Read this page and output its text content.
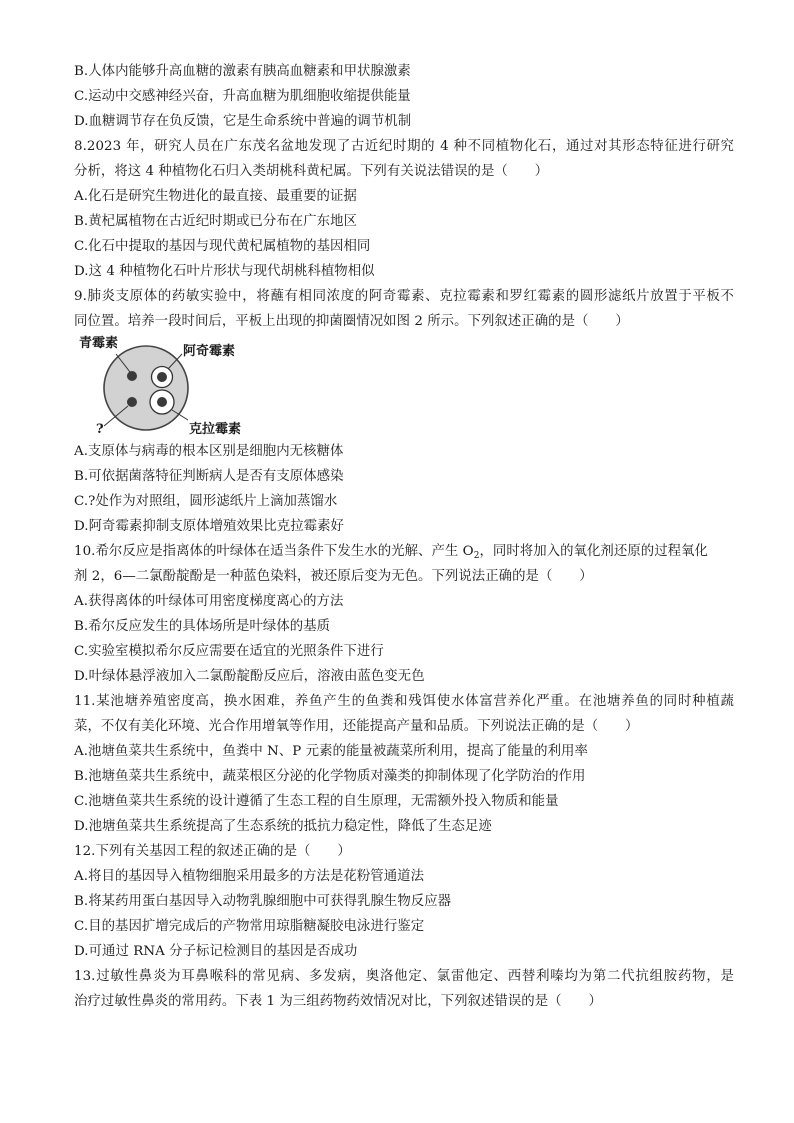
B.人体内能够升高血糖的激素有胰高血糖素和甲状腺激素
C.运动中交感神经兴奋，升高血糖为肌细胞收缩提供能量
D.血糖调节存在负反馈，它是生命系统中普遍的调节机制
8.2023 年，研究人员在广东茂名盆地发现了古近纪时期的 4 种不同植物化石，通过对其形态特征进行研究
分析，将这 4 种植物化石归入类胡桃科黄杞属。下列有关说法错误的是（　　）
A.化石是研究生物进化的最直接、最重要的证据
B.黄杞属植物在古近纪时期或已分布在广东地区
C.化石中提取的基因与现代黄杞属植物的基因相同
D.这 4 种植物化石叶片形状与现代胡桃科植物相似
9.肺炎支原体的药敏实验中，将蘸有相同浓度的阿奇霉素、克拉霉素和罗红霉素的圆形滤纸片放置于平板不
同位置。培养一段时间后，平板上出现的抑菌圈情况如图 2 所示。下列叙述正确的是（　　）
青霉素
阿奇霉素
?	克拉霉素
A.支原体与病毒的根本区别是细胞内无核糖体
B.可依据菌落特征判断病人是否有支原体感染
C.?处作为对照组，圆形滤纸片上滴加蒸馏水
D.阿奇霉素抑制支原体增殖效果比克拉霉素好
10.希尔反应是指离体的叶绿体在适当条件下发生水的光解、产生 $O_2$，同时将加入的氧化剂还原的过程氧化
剂 2，6—二氯酚靛酚是一种蓝色染料，被还原后变为无色。下列说法正确的是（　　）
A.获得离体的叶绿体可用密度梯度离心的方法
B.希尔反应发生的具体场所是叶绿体的基质
C.实验室模拟希尔反应需要在适宜的光照条件下进行
D.叶绿体悬浮液加入二氯酚靛酚反应后，溶液由蓝色变无色
11.某池塘养殖密度高，换水困难，养鱼产生的鱼粪和残饵使水体富营养化严重。在池塘养鱼的同时种植蔬
菜，不仅有美化环境、光合作用增氧等作用，还能提高产量和品质。下列说法正确的是（　　）
A.池塘鱼菜共生系统中，鱼粪中 N、P 元素的能量被蔬菜所利用，提高了能量的利用率
B.池塘鱼菜共生系统中，蔬菜根区分泌的化学物质对藻类的抑制体现了化学防治的作用
C.池塘鱼菜共生系统的设计遵循了生态工程的自生原理，无需额外投入物质和能量
D.池塘鱼菜共生系统提高了生态系统的抵抗力稳定性，降低了生态足迹
12.下列有关基因工程的叙述正确的是（　　）
A.将目的基因导入植物细胞采用最多的方法是花粉管通道法
B.将某药用蛋白基因导入动物乳腺细胞中可获得乳腺生物反应器
C.目的基因扩增完成后的产物常用琼脂糖凝胶电泳进行鉴定
D.可通过 RNA 分子标记检测目的基因是否成功
13.过敏性鼻炎为耳鼻喉科的常见病、多发病，奥洛他定、氯雷他定、西替利嗪均为第二代抗组胺药物，是
治疗过敏性鼻炎的常用药。下表 1 为三组药物药效情况对比，下列叙述错误的是（　　）
